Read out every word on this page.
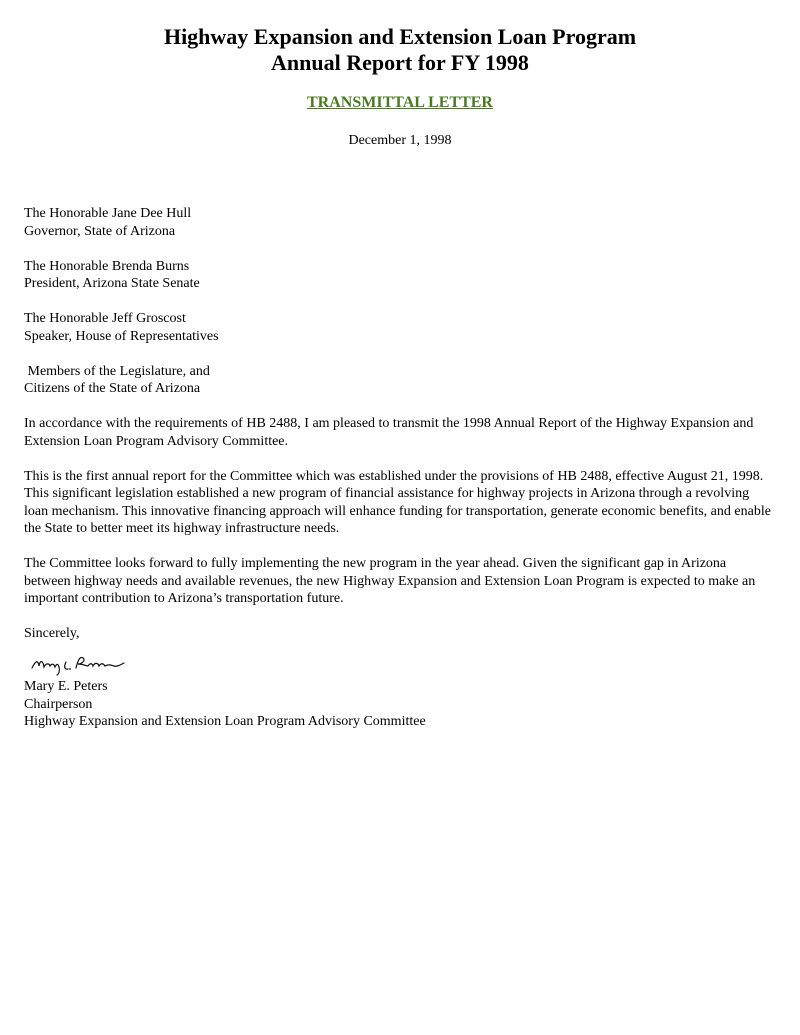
Highway Expansion and Extension Loan Program
Annual Report for FY 1998
TRANSMITTAL LETTER
December 1, 1998
The Honorable Jane Dee Hull
Governor, State of Arizona
The Honorable Brenda Burns
President, Arizona State Senate
The Honorable Jeff Groscost
Speaker, House of Representatives
Members of the Legislature, and
Citizens of the State of Arizona

In accordance with the requirements of HB 2488, I am pleased to transmit the 1998 Annual Report of the Highway Expansion and Extension Loan Program Advisory Committee.

This is the first annual report for the Committee which was established under the provisions of HB 2488, effective August 21, 1998. This significant legislation established a new program of financial assistance for highway projects in Arizona through a revolving loan mechanism. This innovative financing approach will enhance funding for transportation, generate economic benefits, and enable the State to better meet its highway infrastructure needs.

The Committee looks forward to fully implementing the new program in the year ahead. Given the significant gap in Arizona between highway needs and available revenues, the new Highway Expansion and Extension Loan Program is expected to make an important contribution to Arizona’s transportation future.

Sincerely,
Mary E. Peters
Chairperson
Highway Expansion and Extension Loan Program Advisory Committee
